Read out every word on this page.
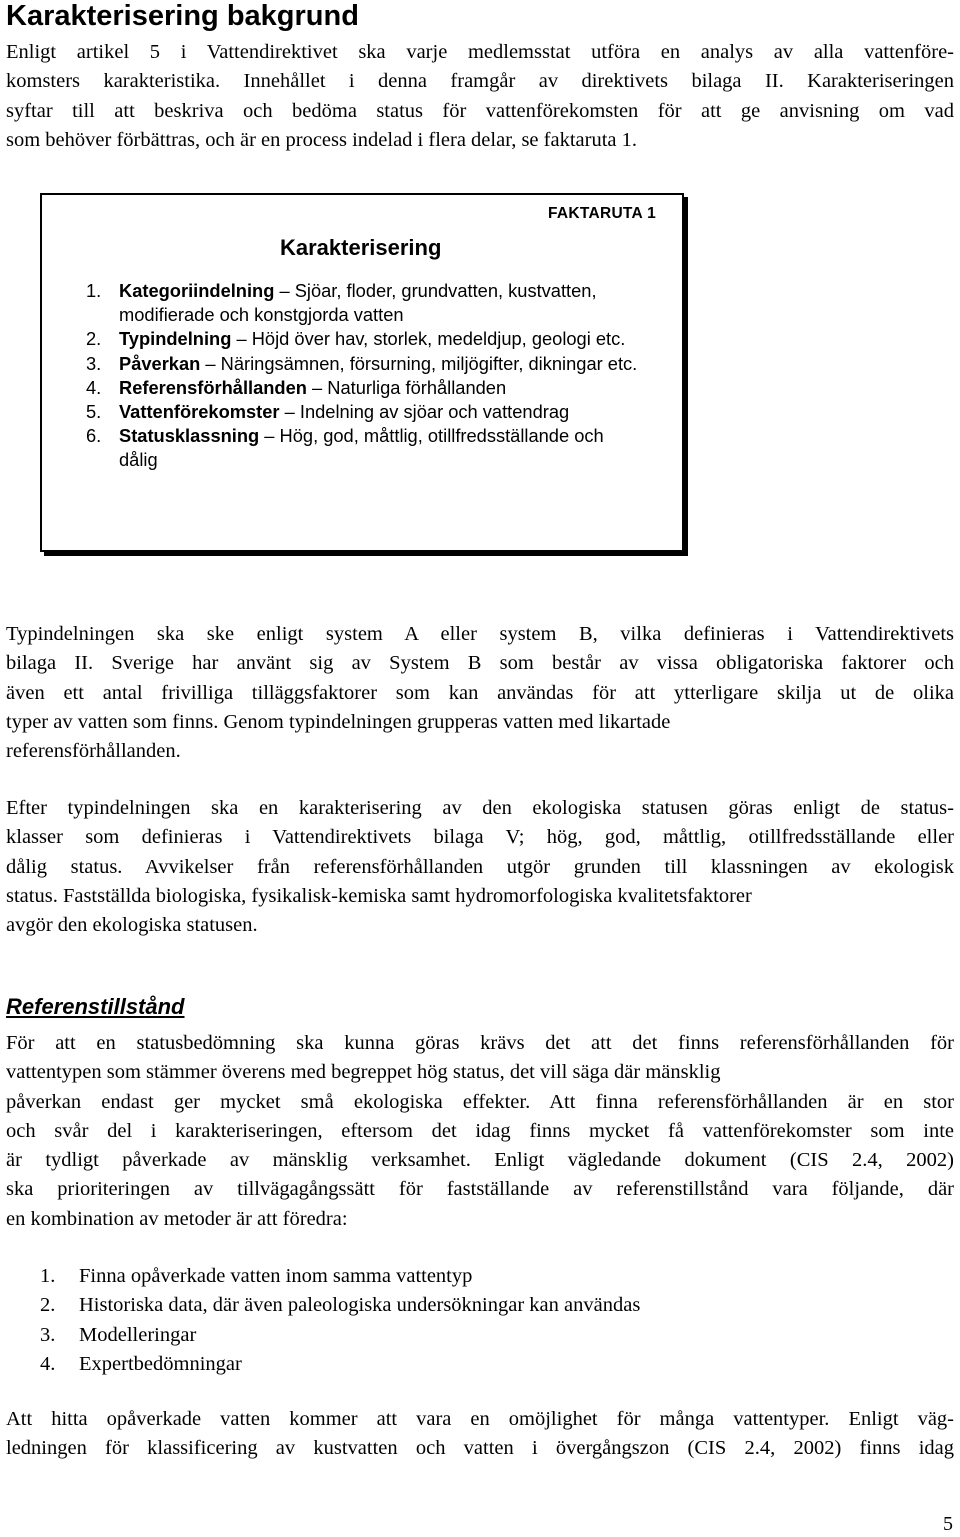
Karakterisering bakgrund
Enligt artikel 5 i Vattendirektivet ska varje medlemsstat utföra en analys av alla vattenföre-
komsters karakteristika. Innehållet i denna framgår av direktivets bilaga II. Karakteriseringen
syftar till att beskriva och bedöma status för vattenförekomsten för att ge anvisning om vad
som behöver förbättras, och är en process indelad i flera delar, se faktaruta 1.
FAKTARUTA 1
Karakterisering
1. Kategoriindelning – Sjöar, floder, grundvatten, kustvatten, modifierade och konstgjorda vatten
2. Typindelning – Höjd över hav, storlek, medeldjup, geologi etc.
3. Påverkan – Näringsämnen, försurning, miljögifter, dikningar etc.
4. Referensförhållanden – Naturliga förhållanden
5. Vattenförekomster – Indelning av sjöar och vattendrag
6. Statusklassning – Hög, god, måttlig, otillfredsställande och dålig
Typindelningen ska ske enligt system A eller system B, vilka definieras i Vattendirektivets
bilaga II. Sverige har använt sig av System B som består av vissa obligatoriska faktorer och
även ett antal frivilliga tilläggsfaktorer som kan användas för att ytterligare skilja ut de olika
typer av vatten som finns. Genom typindelningen grupperas vatten med likartade
referensförhållanden.
Efter typindelningen ska en karakterisering av den ekologiska statusen göras enligt de status-
klasser som definieras i Vattendirektivets bilaga V; hög, god, måttlig, otillfredsställande eller
dålig status. Avvikelser från referensförhållanden utgör grunden till klassningen av ekologisk
status. Fastställda biologiska, fysikalisk-kemiska samt hydromorfologiska kvalitetsfaktorer
avgör den ekologiska statusen.
Referenstillstånd
För att en statusbedömning ska kunna göras krävs det att det finns referensförhållanden för
vattentypen som stämmer överens med begreppet hög status, det vill säga där mänsklig
påverkan endast ger mycket små ekologiska effekter. Att finna referensförhållanden är en stor
och svår del i karakteriseringen, eftersom det idag finns mycket få vattenförekomster som inte
är tydligt påverkade av mänsklig verksamhet. Enligt vägledande dokument (CIS 2.4, 2002)
ska prioriteringen av tillvägagångssätt för fastställande av referenstillstånd vara följande, där
en kombination av metoder är att föredra:
1. Finna opåverkade vatten inom samma vattentyp
2. Historiska data, där även paleologiska undersökningar kan användas
3. Modelleringar
4. Expertbedömningar
Att hitta opåverkade vatten kommer att vara en omöjlighet för många vattentyper. Enligt väg-
ledningen för klassificering av kustvatten och vatten i övergångszon (CIS 2.4, 2002) finns idag
5
